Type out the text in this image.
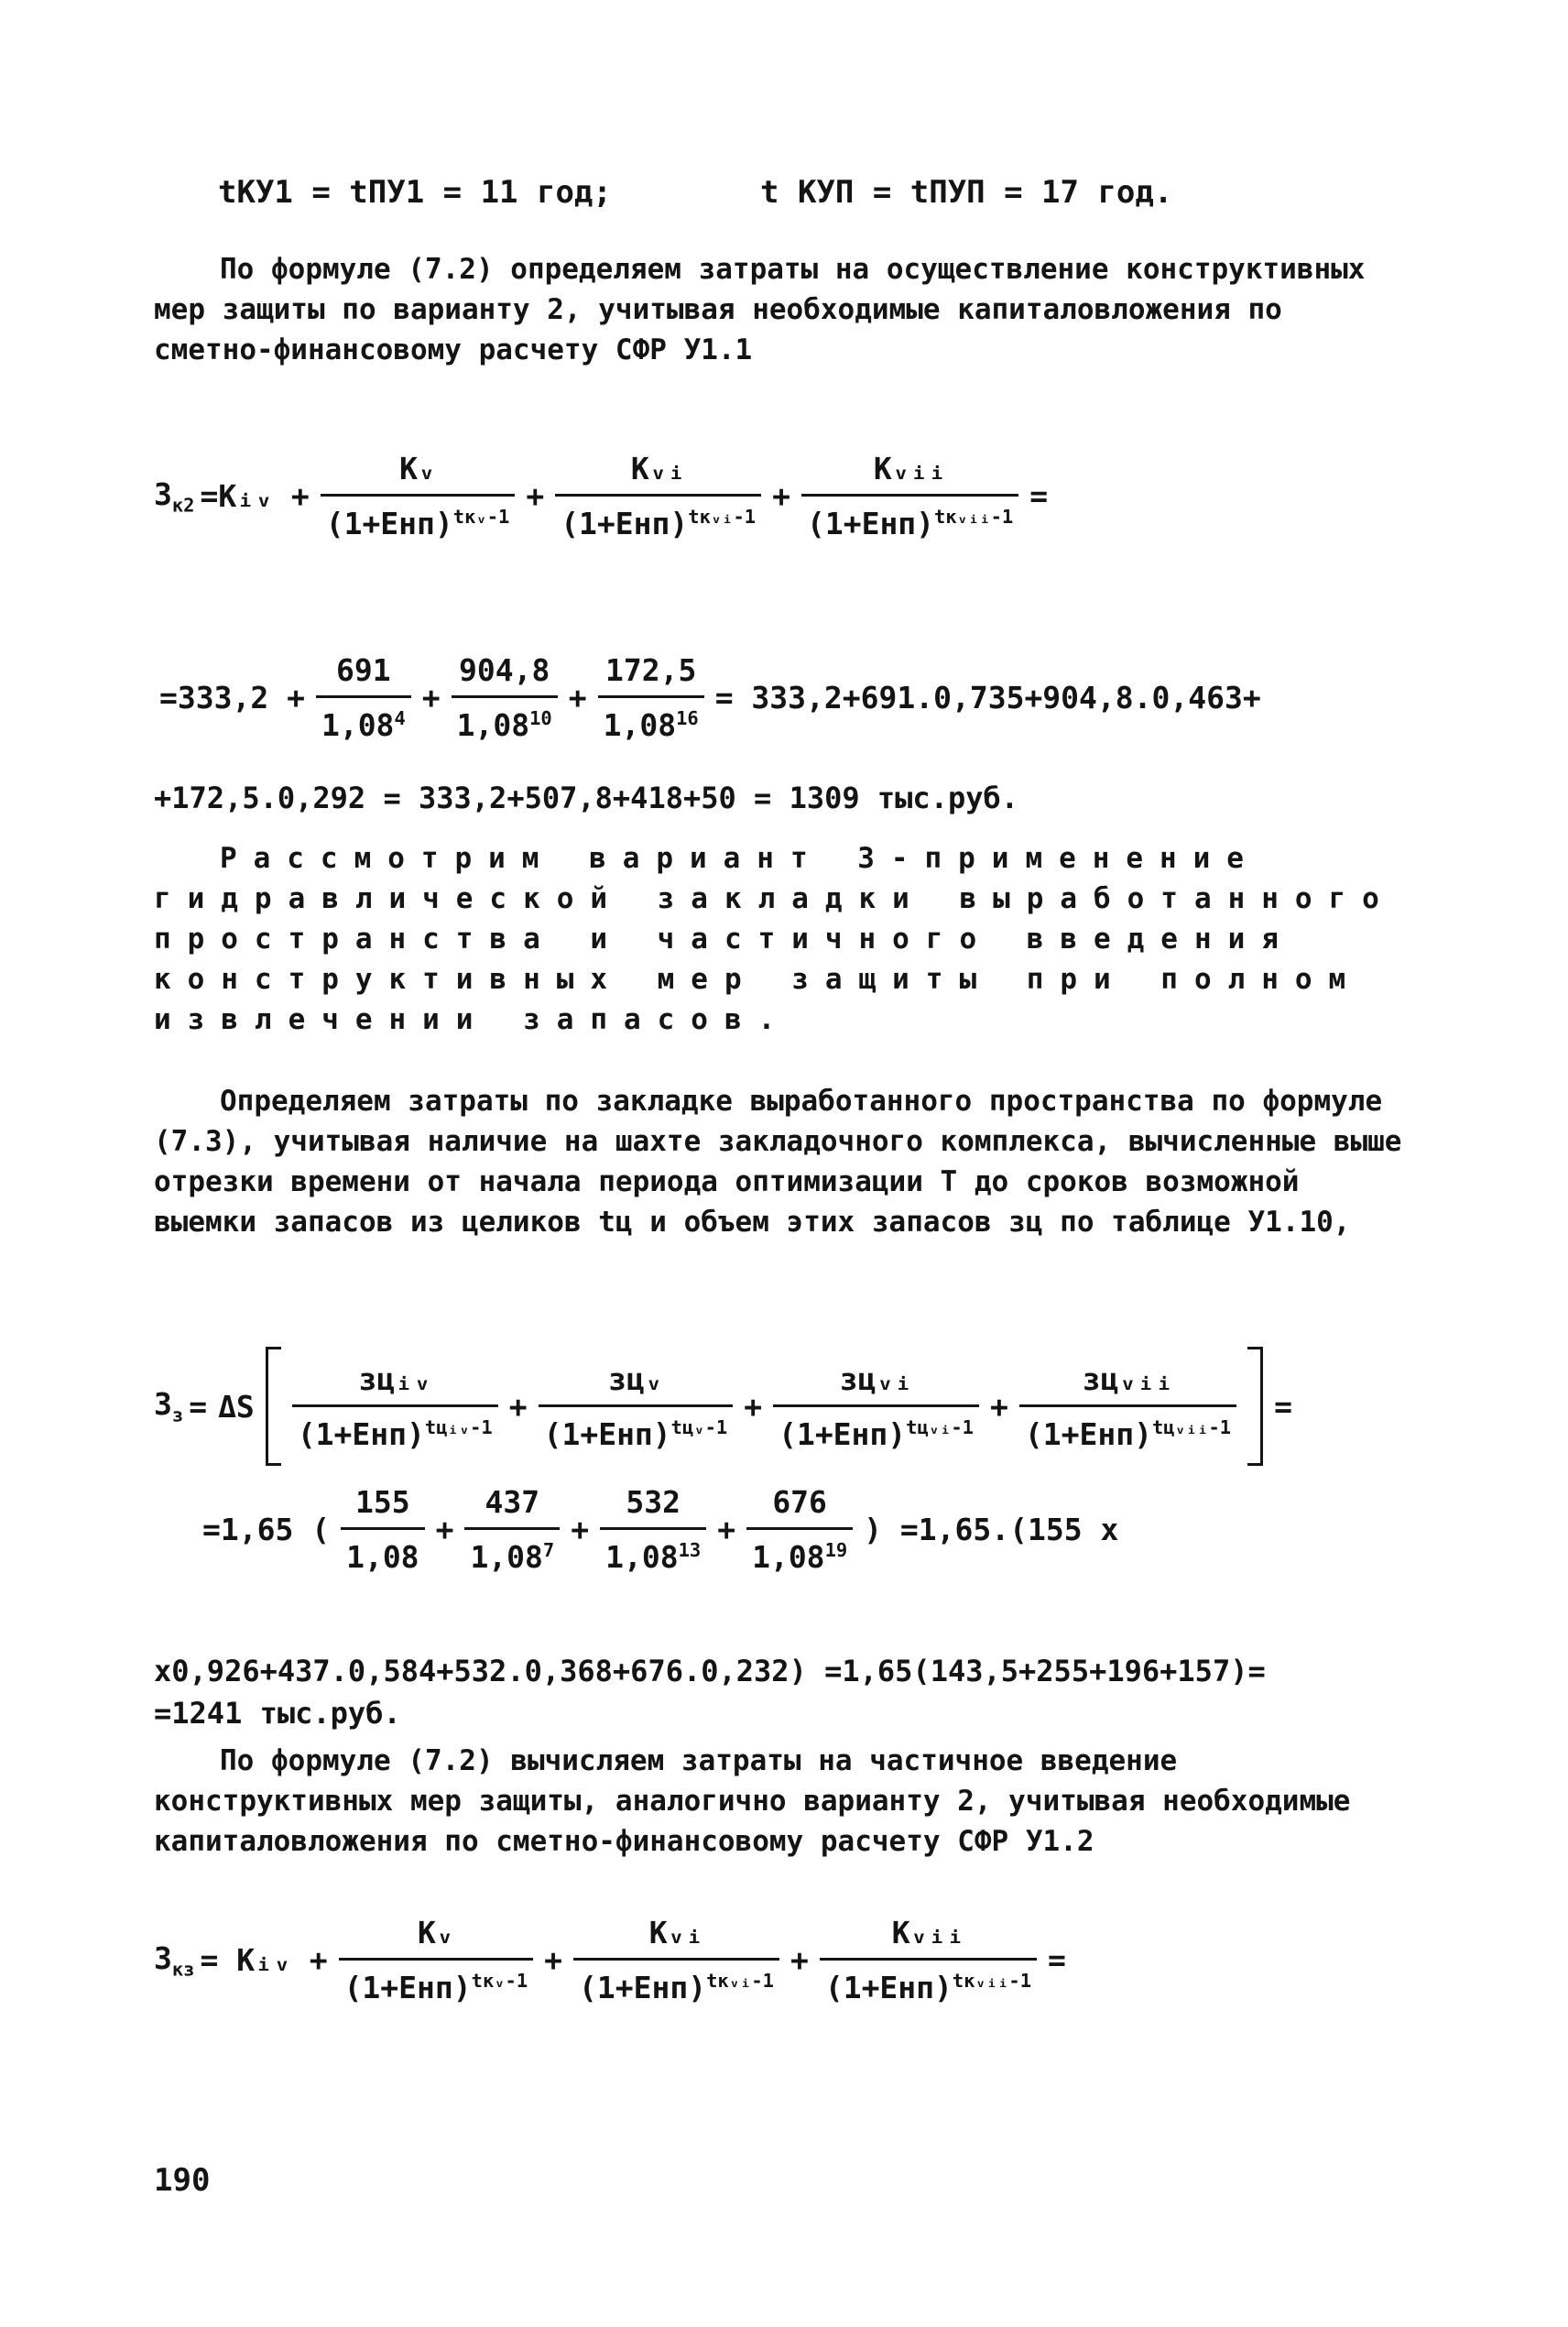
tКУ1 = tПУ1 = 11 год;	t КУП = tПУП = 17 год.

По формуле (7.2) определяем затраты на осуществление конструктивных мер защиты по варианту 2, учитывая необходимые капиталовложения по сметно-финансовому расчету СФР У1.1

$З_{к2}$ =Kᵢᵥ + $\frac{\text{Kᵥ}}{(1+Eнп)^{tкᵥ-1}} + \frac{\text{Kᵥᵢ}}{(1+Eнп)^{tкᵥᵢ-1}} + \frac{\text{Kᵥᵢᵢ}}{(1+Eнп)^{tкᵥᵢᵢ-1}}$ =
$=333,2 + \frac{691}{1,08^4} + \frac{904,8}{1,08^{10}} + \frac{172,5}{1,08^{16}} = 333,2+691.0,735+904,8.0,463+$
+172,5.0,292 = 333,2+507,8+418+50 = 1309 тыс.руб.

Рассмотрим вариант 3-применение гидравлической закладки выработанного пространства и частичного введения конструктивных мер защиты при полном извлечении запасов.

Определяем затраты по закладке выработанного пространства по формуле (7.3), учитывая наличие на шахте закладочного комплекса, вычисленные выше отрезки времени от начала периода оптимизации Т до сроков возможной выемки запасов из целиков tц и объем этих запасов зц по таблице У1.10,

$З_з = \Delta S \frac{\text{зцᵢᵥ}}{(1+Eнп)^{tцᵢᵥ-1}} + \frac{\text{зцᵥ}}{(1+Eнп)^{tцᵥ-1}} + \frac{\text{зцᵥᵢ}}{(1+Eнп)^{tцᵥᵢ-1}} + \frac{\text{зцᵥᵢᵢ}}{(1+Eнп)^{tцᵥᵢᵢ-1}}$ =
=1,65 ( $\frac{155}{1,08} + \frac{437}{1,08^7} + \frac{532}{1,08^{13}} + \frac{676}{1,08^{19}}$ ) =1,65.(155 x
x0,926+437.0,584+532.0,368+676.0,232) =1,65(143,5+255+196+157)=
=1241 тыс.руб.

По формуле (7.2) вычисляем затраты на частичное введение конструктивных мер защиты, аналогично варианту 2, учитывая необходимые капиталовложения по сметно-финансовому расчету СФР У1.2

$З_{кз}$ = Kᵢᵥ + $\frac{\text{Kᵥ}}{(1+Eнп)^{tкᵥ-1}} + \frac{\text{Kᵥᵢ}}{(1+Eнп)^{tкᵥᵢ-1}} + \frac{\text{Kᵥᵢᵢ}}{(1+Eнп)^{tкᵥᵢᵢ-1}}$ =
190
